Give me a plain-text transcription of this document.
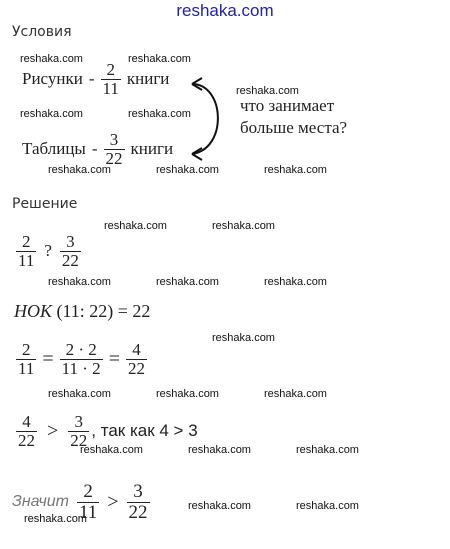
reshaka.com
Условия
Рисунки - $\frac{2}{11}$ книги
Таблицы - $\frac{3}{22}$ книги
что занимает
больше места?
Решение
$\frac{2}{11}$ ? $\frac{3}{22}$
НОК (11: 22) = 22
$\frac{2}{11} = \frac{2 \cdot 2}{11 \cdot 2} = \frac{4}{22}$
$\frac{4}{22} > \frac{3}{22}$ , так как 4 > 3
Значит $\frac{2}{11} > \frac{3}{22}$
reshaka.com	reshaka.com
reshaka.com
reshaka.com	reshaka.com
reshaka.com	reshaka.com	reshaka.com
reshaka.com	reshaka.com
reshaka.com	reshaka.com	reshaka.com
reshaka.com
reshaka.com	reshaka.com	reshaka.com
reshaka.com	reshaka.com	reshaka.com
reshaka.com	reshaka.com
reshaka.com
